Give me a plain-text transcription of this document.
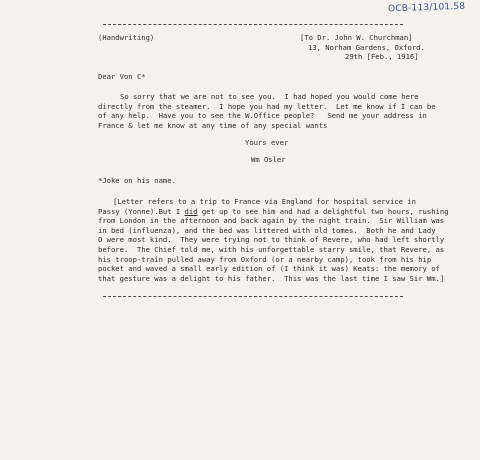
OCB-113/101.58
(Handwriting)	[To Dr. John W. Churchman]
13, Norham Gardens, Oxford.
29th [Feb., 1916]
Dear Von C*
So sorry that we are not to see you.  I had hoped you would come here
directly from the steamer.  I hope you had my letter.  Let me know if I can be
of any help.  Have you to see the W.Office people?   Send me your address in
France & let me know at any time of any special wants
Yours ever
Wm Osler
*Joke on his name.
[Letter refers to a trip to France via England for hospital service in
Passy (Yonne).But I did get up to see him and had a delightful two hours, rushing
from London in the afternoon and back again by the night train.  Sir William was
in bed (influenza), and the bed was littered with old tomes.  Both he and Lady
O were most kind.  They were trying not to think of Revere, who had left shortly
before.  The Chief told me, with his unforgettable starry smile, that Revere, as
his troop-train pulled away from Oxford (or a nearby camp), took from his hip
pocket and waved a small early edition of (I think it was) Keats: the memory of
that gesture was a delight to his father.  This was the last time I saw Sir Wm.]
